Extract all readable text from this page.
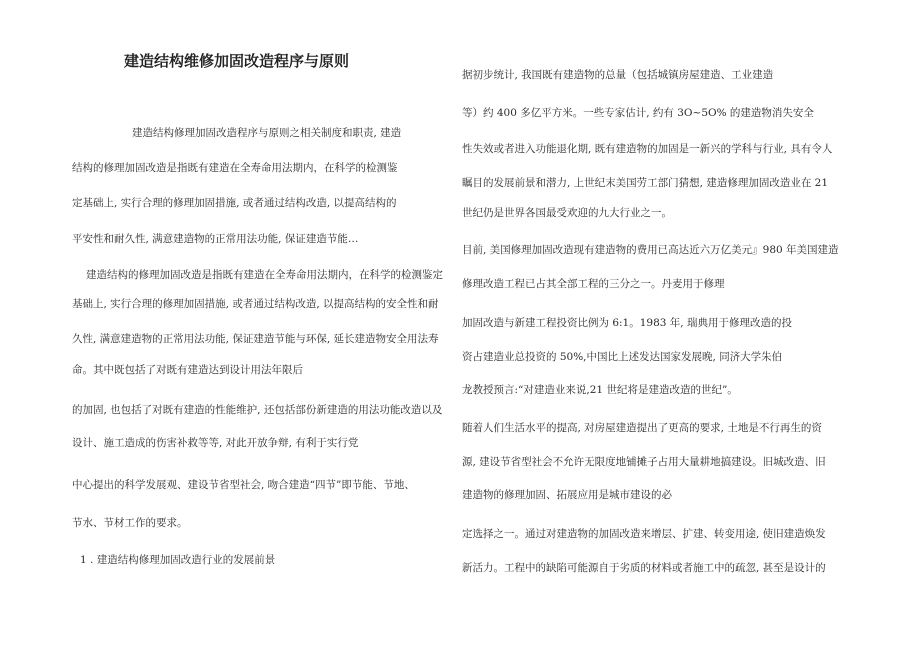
建造结构维修加固改造程序与原则
建造结构修理加固改造程序与原则之相关制度和职责, 建造
结构的修理加固改造是指既有建造在全寿命用法期内，在科学的检测鉴
定基础上, 实行合理的修理加固措施, 或者通过结构改造, 以提高结构的
平安性和耐久性, 满意建造物的正常用法功能, 保证建造节能…
建造结构的修理加固改造是指既有建造在全寿命用法期内，在科学的检测鉴定
基础上, 实行合理的修理加固措施, 或者通过结构改造, 以提高结构的安全性和耐
久性, 满意建造物的正常用法功能, 保证建造节能与环保, 延长建造物安全用法寿
命。其中既包括了对既有建造达到设计用法年限后
的加固, 也包括了对既有建造的性能维护, 还包括部份新建造的用法功能改造以及
设计、施工造成的伤害补救等等, 对此开放争辩, 有利于实行党
中心提出的科学发展观、建设节省型社会, 吻合建造“四节”即节能、节地、
节水、节材工作的要求。
1 . 建造结构修理加固改造行业的发展前景
据初步统计, 我国既有建造物的总量（包括城镇房屋建造、工业建造
等）约 400 多亿平方米。一些专家估计, 约有 3O~5O% 的建造物消失安全
性失效或者进入功能退化期, 既有建造物的加固是一新兴的学科与行业, 具有令人
瞩目的发展前景和潜力, 上世纪末美国劳工部门猜想, 建造修理加固改造业在 21
世纪仍是世界各国最受欢迎的九大行业之一。
目前, 美国修理加固改造现有建造物的费用已高达近六万亿美元』980 年美国建造
修理改造工程已占其全部工程的三分之一。丹麦用于修理
加固改造与新建工程投资比例为 6:1。1983 年, 瑞典用于修理改造的投
资占建造业总投资的 50%,中国比上述发达国家发展晚, 同济大学朱伯
龙教授预言:“对建造业来说,21 世纪将是建造改造的世纪”。
随着人们生活水平的提高, 对房屋建造提出了更高的要求, 土地是不行再生的资
源, 建设节省型社会不允许无限度地铺摊子占用大量耕地搞建设。旧城改造、旧
建造物的修理加固、拓展应用是城市建设的必
定选择之一。通过对建造物的加固改造来增层、扩建、转变用途, 使旧建造焕发
新活力。工程中的缺陷可能源自于劣质的材料或者施工中的疏忽, 甚至是设计的
